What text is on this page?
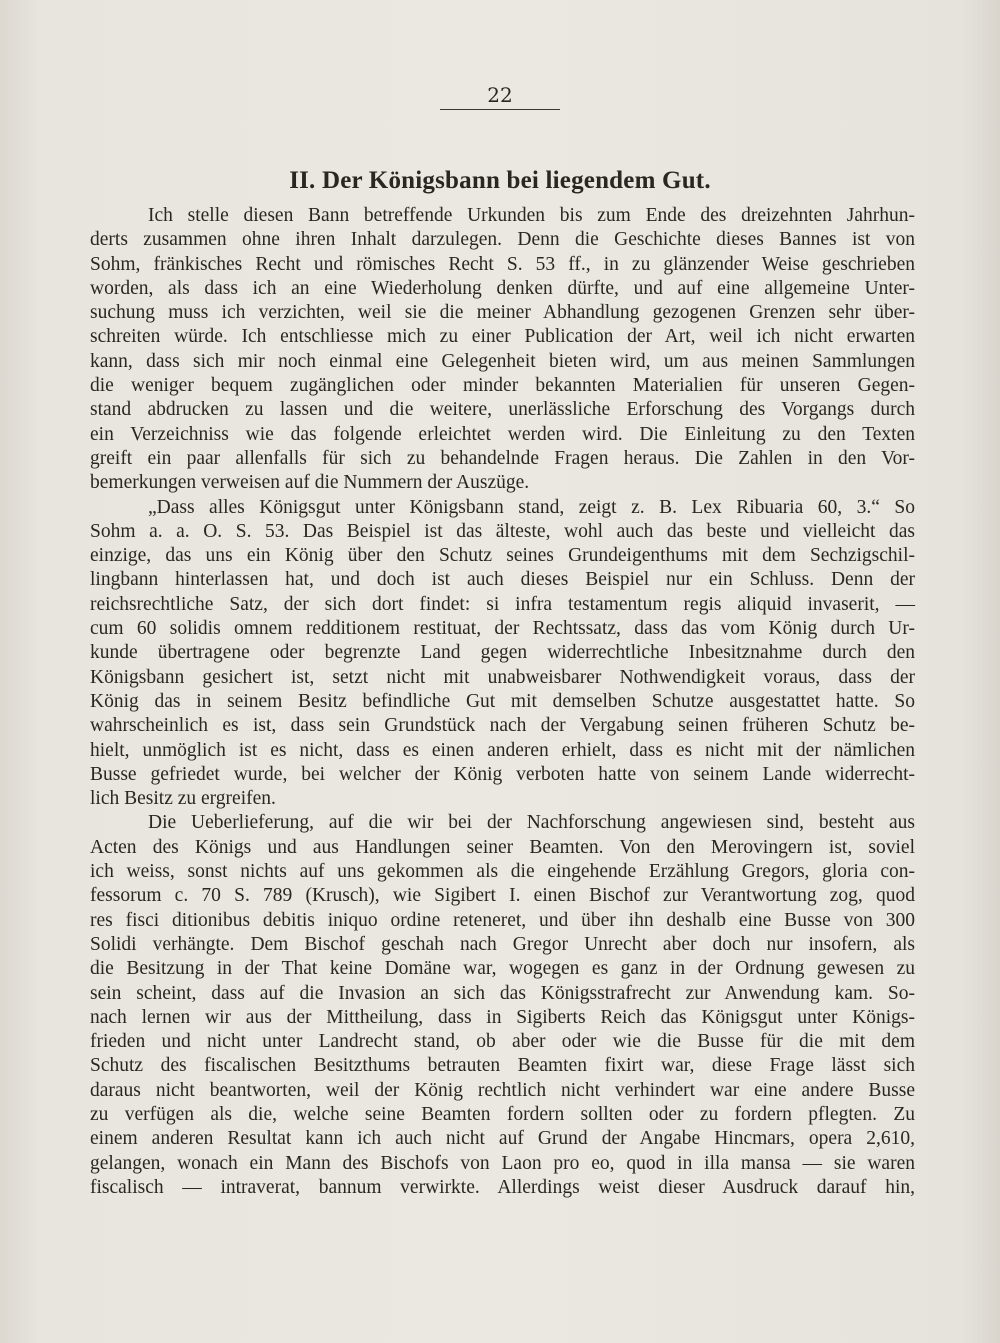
22
II. Der Königsbann bei liegendem Gut.
Ich stelle diesen Bann betreffende Urkunden bis zum Ende des dreizehnten Jahrhun-
derts zusammen ohne ihren Inhalt darzulegen. Denn die Geschichte dieses Bannes ist von
Sohm, fränkisches Recht und römisches Recht S. 53 ff., in zu glänzender Weise geschrieben
worden, als dass ich an eine Wiederholung denken dürfte, und auf eine allgemeine Unter-
suchung muss ich verzichten, weil sie die meiner Abhandlung gezogenen Grenzen sehr über-
schreiten würde. Ich entschliesse mich zu einer Publication der Art, weil ich nicht erwarten
kann, dass sich mir noch einmal eine Gelegenheit bieten wird, um aus meinen Sammlungen
die weniger bequem zugänglichen oder minder bekannten Materialien für unseren Gegen-
stand abdrucken zu lassen und die weitere, unerlässliche Erforschung des Vorgangs durch
ein Verzeichniss wie das folgende erleichtet werden wird. Die Einleitung zu den Texten
greift ein paar allenfalls für sich zu behandelnde Fragen heraus. Die Zahlen in den Vor-
bemerkungen verweisen auf die Nummern der Auszüge.
„Dass alles Königsgut unter Königsbann stand, zeigt z. B. Lex Ribuaria 60, 3.“ So
Sohm a. a. O. S. 53. Das Beispiel ist das älteste, wohl auch das beste und vielleicht das
einzige, das uns ein König über den Schutz seines Grundeigenthums mit dem Sechzigschil-
lingbann hinterlassen hat, und doch ist auch dieses Beispiel nur ein Schluss. Denn der
reichsrechtliche Satz, der sich dort findet: si infra testamentum regis aliquid invaserit, —
cum 60 solidis omnem redditionem restituat, der Rechtssatz, dass das vom König durch Ur-
kunde übertragene oder begrenzte Land gegen widerrechtliche Inbesitznahme durch den
Königsbann gesichert ist, setzt nicht mit unabweisbarer Nothwendigkeit voraus, dass der
König das in seinem Besitz befindliche Gut mit demselben Schutze ausgestattet hatte. So
wahrscheinlich es ist, dass sein Grundstück nach der Vergabung seinen früheren Schutz be-
hielt, unmöglich ist es nicht, dass es einen anderen erhielt, dass es nicht mit der nämlichen
Busse gefriedet wurde, bei welcher der König verboten hatte von seinem Lande widerrecht-
lich Besitz zu ergreifen.
Die Ueberlieferung, auf die wir bei der Nachforschung angewiesen sind, besteht aus
Acten des Königs und aus Handlungen seiner Beamten. Von den Merovingern ist, soviel
ich weiss, sonst nichts auf uns gekommen als die eingehende Erzählung Gregors, gloria con-
fessorum c. 70 S. 789 (Krusch), wie Sigibert I. einen Bischof zur Verantwortung zog, quod
res fisci ditionibus debitis iniquo ordine reteneret, und über ihn deshalb eine Busse von 300
Solidi verhängte. Dem Bischof geschah nach Gregor Unrecht aber doch nur insofern, als
die Besitzung in der That keine Domäne war, wogegen es ganz in der Ordnung gewesen zu
sein scheint, dass auf die Invasion an sich das Königsstrafrecht zur Anwendung kam. So-
nach lernen wir aus der Mittheilung, dass in Sigiberts Reich das Königsgut unter Königs-
frieden und nicht unter Landrecht stand, ob aber oder wie die Busse für die mit dem
Schutz des fiscalischen Besitzthums betrauten Beamten fixirt war, diese Frage lässt sich
daraus nicht beantworten, weil der König rechtlich nicht verhindert war eine andere Busse
zu verfügen als die, welche seine Beamten fordern sollten oder zu fordern pflegten. Zu
einem anderen Resultat kann ich auch nicht auf Grund der Angabe Hincmars, opera 2,610,
gelangen, wonach ein Mann des Bischofs von Laon pro eo, quod in illa mansa — sie waren
fiscalisch — intraverat, bannum verwirkte. Allerdings weist dieser Ausdruck darauf hin,
